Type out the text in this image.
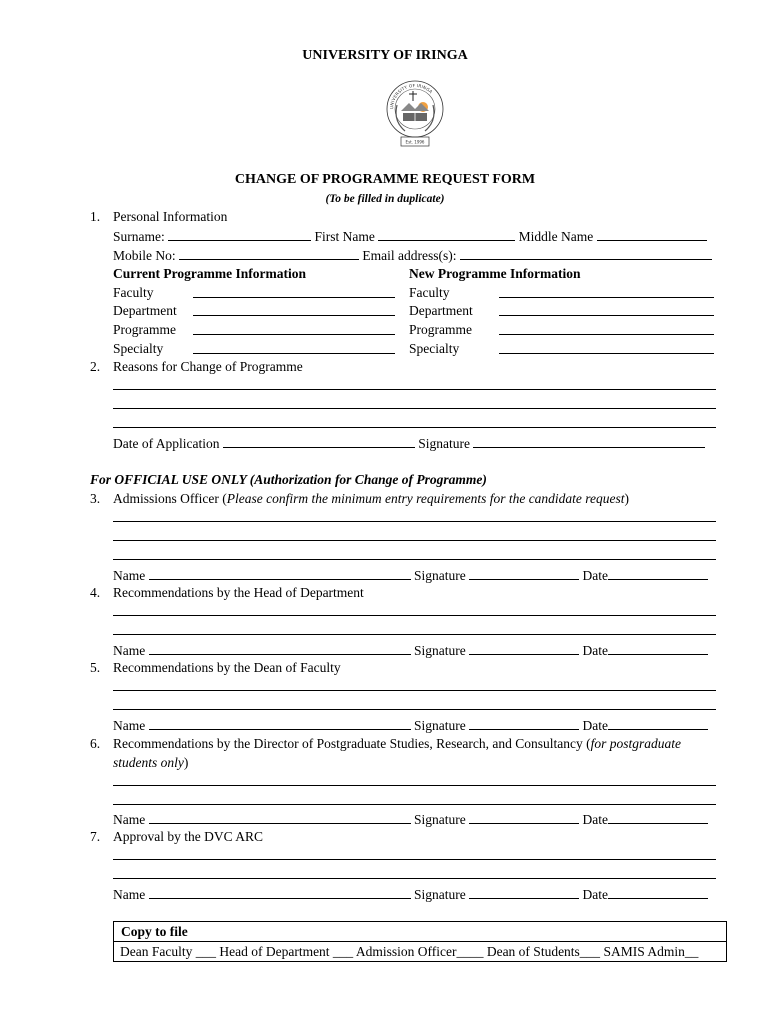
UNIVERSITY OF IRINGA
UNIVERSITY OF IRINGA
Est. 1996
CHANGE OF PROGRAMME REQUEST FORM
(To be filled in duplicate)
1. Personal Information
Surname:	First Name	Middle Name
Mobile No:	Email address(s):
Current Programme Information	New Programme Information
Faculty	Faculty
Department	Department
Programme	Programme
Specialty	Specialty
2. Reasons for Change of Programme
Date of Application	Signature
For OFFICIAL USE ONLY (Authorization for Change of Programme)
3. Admissions Officer (Please confirm the minimum entry requirements for the candidate request)
Name	Signature	Date
4. Recommendations by the Head of Department
Name	Signature	Date
5. Recommendations by the Dean of Faculty
Name	Signature	Date
6. Recommendations by the Director of Postgraduate Studies, Research, and Consultancy (for postgraduate
students only)
Name	Signature	Date
7. Approval by the DVC ARC
Name	Signature	Date
Copy to file
Dean Faculty ___ Head of Department ___ Admission Officer____ Dean of Students___ SAMIS Admin__
